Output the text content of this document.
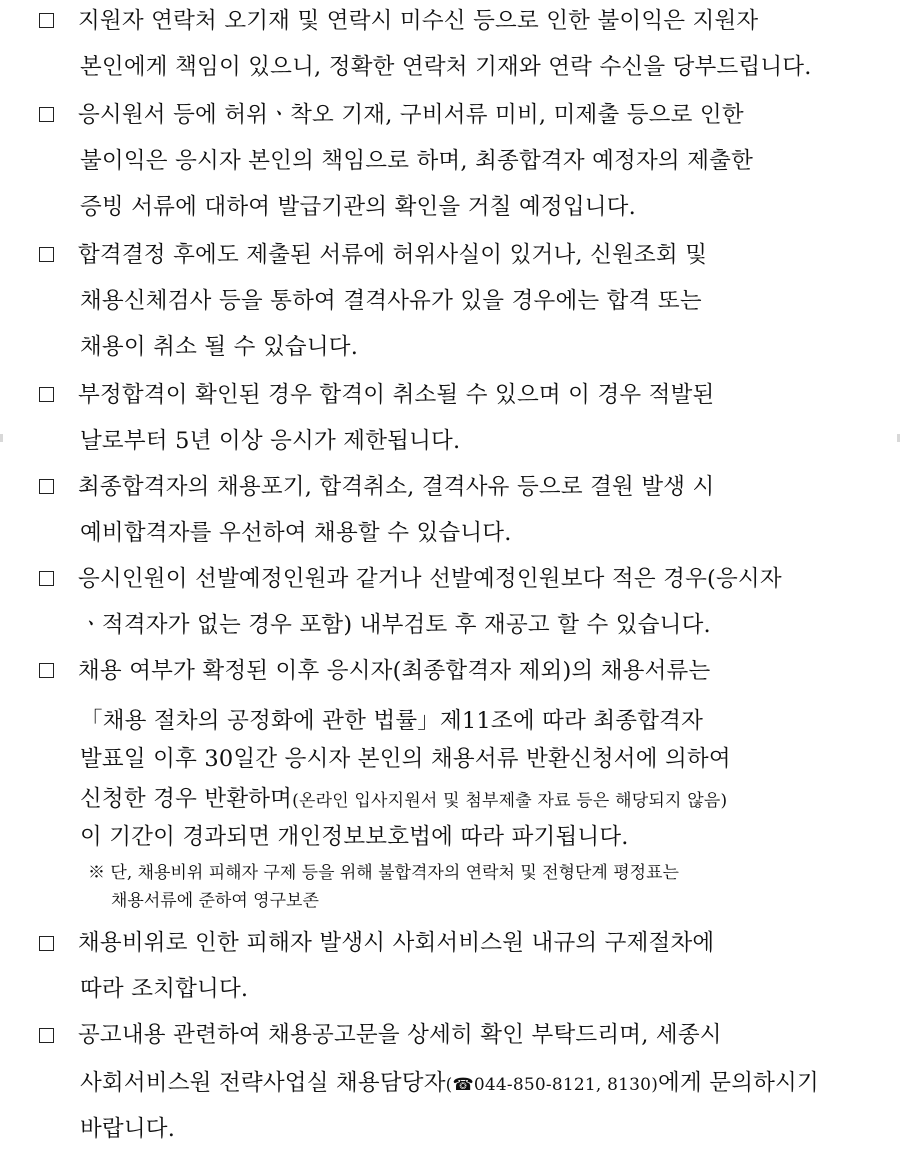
지원자 연락처 오기재 및 연락시 미수신 등으로 인한 불이익은 지원자
본인에게 책임이 있으니, 정확한 연락처 기재와 연락 수신을 당부드립니다.
응시원서 등에 허위ㆍ착오 기재, 구비서류 미비, 미제출 등으로 인한
불이익은 응시자 본인의 책임으로 하며, 최종합격자 예정자의 제출한
증빙 서류에 대하여 발급기관의 확인을 거칠 예정입니다.
합격결정 후에도 제출된 서류에 허위사실이 있거나, 신원조회 및
채용신체검사 등을 통하여 결격사유가 있을 경우에는 합격 또는
채용이 취소 될 수 있습니다.
부정합격이 확인된 경우 합격이 취소될 수 있으며 이 경우 적발된
날로부터 5년 이상 응시가 제한됩니다.
최종합격자의 채용포기, 합격취소, 결격사유 등으로 결원 발생 시
예비합격자를 우선하여 채용할 수 있습니다.
응시인원이 선발예정인원과 같거나 선발예정인원보다 적은 경우(응시자
ㆍ적격자가 없는 경우 포함) 내부검토 후 재공고 할 수 있습니다.
채용 여부가 확정된 이후 응시자(최종합격자 제외)의 채용서류는
「채용 절차의 공정화에 관한 법률」제11조에 따라 최종합격자
발표일 이후 30일간 응시자 본인의 채용서류 반환신청서에 의하여
신청한 경우 반환하며(온라인 입사지원서 및 첨부제출 자료 등은 해당되지 않음)
이 기간이 경과되면 개인정보보호법에 따라 파기됩니다.
※ 단, 채용비위 피해자 구제 등을 위해 불합격자의 연락처 및 전형단계 평정표는
채용서류에 준하여 영구보존
채용비위로 인한 피해자 발생시 사회서비스원 내규의 구제절차에
따라 조치합니다.
공고내용 관련하여 채용공고문을 상세히 확인 부탁드리며, 세종시
사회서비스원 전략사업실 채용담당자(☎044-850-8121, 8130)에게 문의하시기
바랍니다.
